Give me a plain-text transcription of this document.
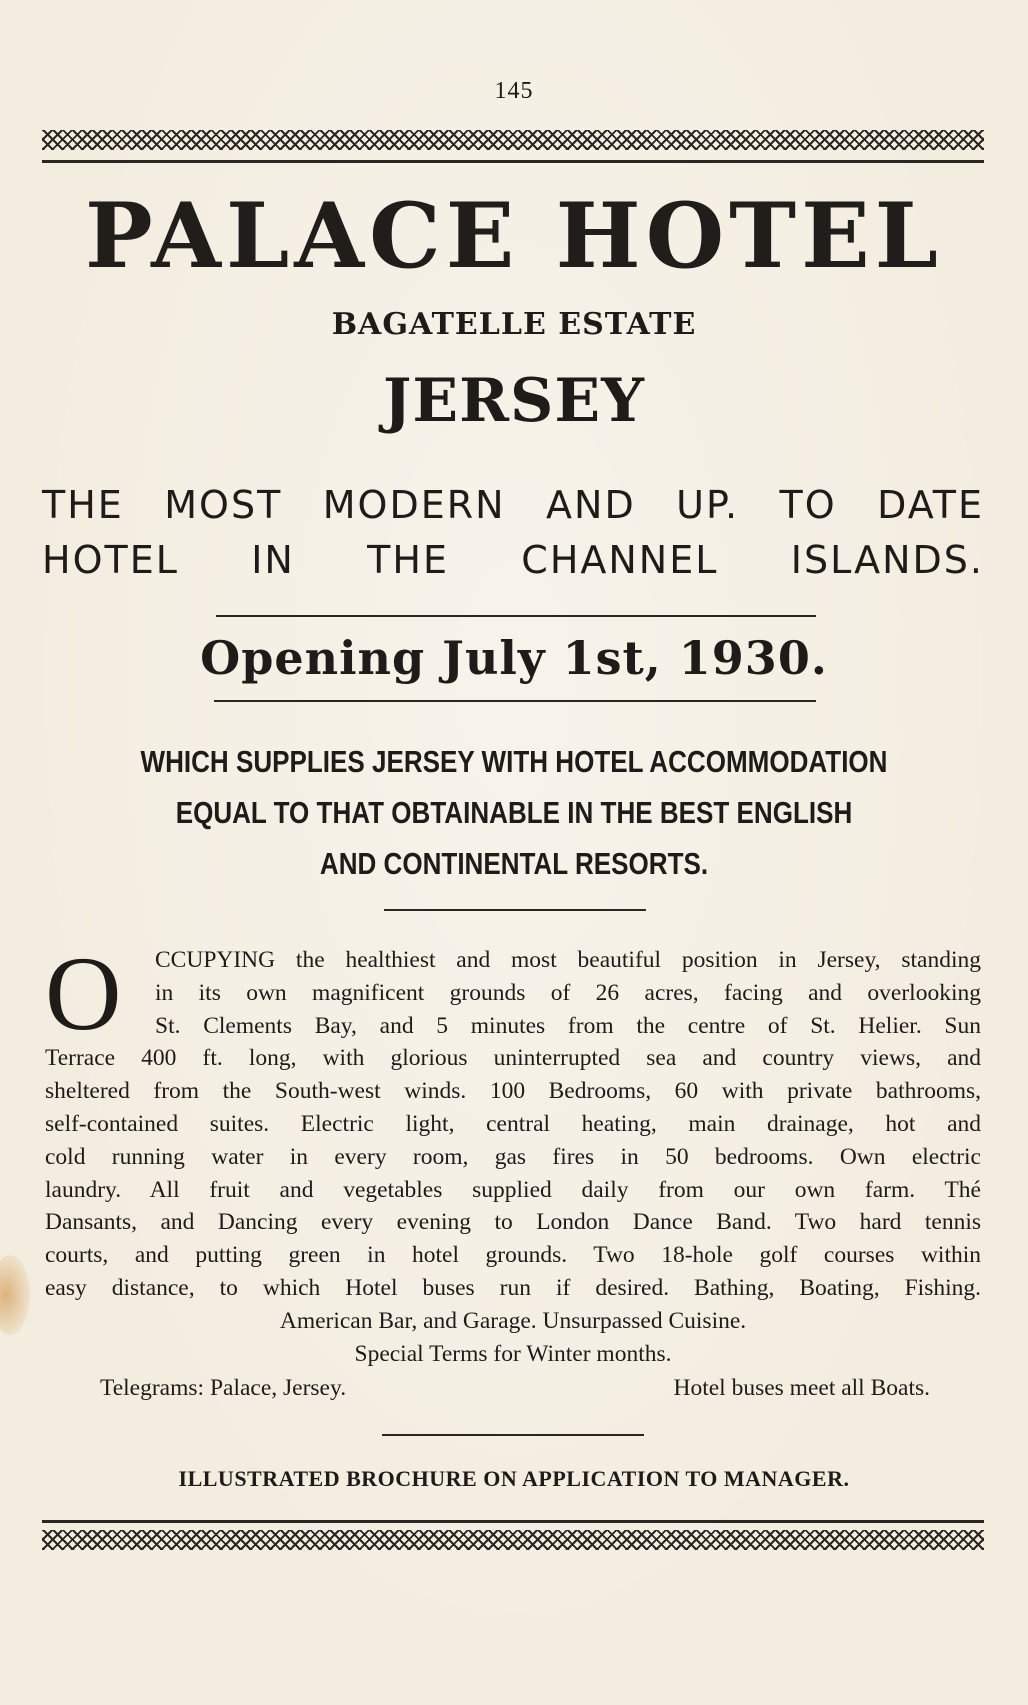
145
PALACE HOTEL
BAGATELLE ESTATE
JERSEY
THE MOST MODERN AND UP. TO DATE
HOTEL IN THE CHANNEL ISLANDS.
Opening July 1st, 1930.
WHICH SUPPLIES JERSEY WITH HOTEL ACCOMMODATION
EQUAL TO THAT OBTAINABLE IN THE BEST ENGLISH
AND CONTINENTAL RESORTS.
O	CCUPYING the healthiest and most beautiful position in Jersey, standing
in its own magnificent grounds of 26 acres, facing and overlooking
St. Clements Bay, and 5 minutes from the centre of St. Helier. Sun
Terrace 400 ft. long, with glorious uninterrupted sea and country views, and
sheltered from the South-west winds. 100 Bedrooms, 60 with private bathrooms,
self-contained suites. Electric light, central heating, main drainage, hot and
cold running water in every room, gas fires in 50 bedrooms. Own electric
laundry. All fruit and vegetables supplied daily from our own farm. Thé
Dansants, and Dancing every evening to London Dance Band. Two hard tennis
courts, and putting green in hotel grounds. Two 18-hole golf courses within
easy distance, to which Hotel buses run if desired. Bathing, Boating, Fishing.
American Bar, and Garage. Unsurpassed Cuisine.
Special Terms for Winter months.
Telegrams: Palace, Jersey.	Hotel buses meet all Boats.
ILLUSTRATED BROCHURE ON APPLICATION TO MANAGER.
